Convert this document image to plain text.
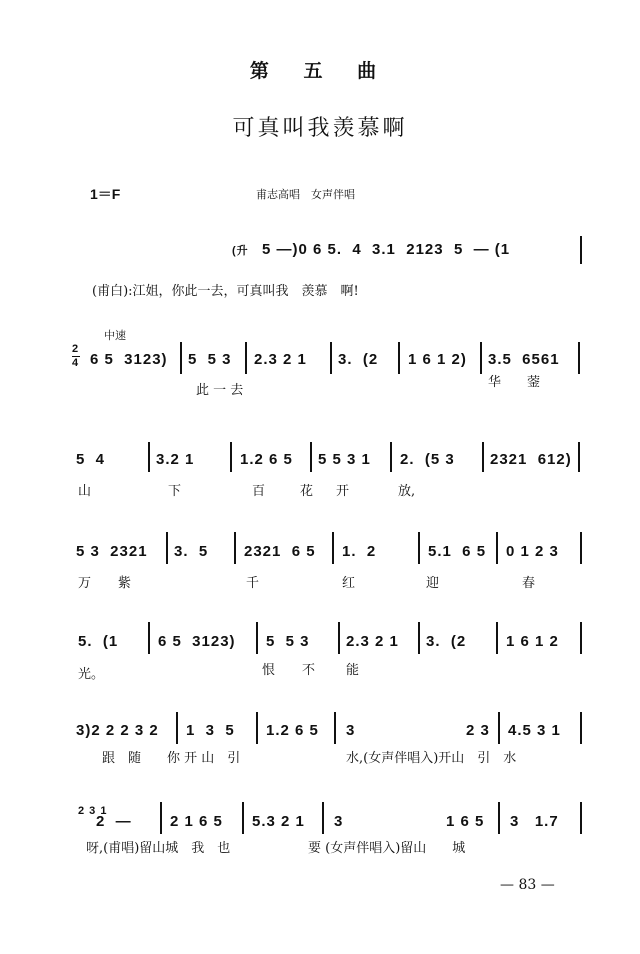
第 五 曲
可真叫我羡慕啊
1＝F	甫志高唱　女声伴唱
(升 5 —)0 6 5.  4  3.1  2123  5  — (1
(甫白):江姐，你此一去，可真叫我　羡慕　啊!
中速
2
4 6 5  3123) 5  5 3 2.3 2 1 3.  (2 1 6 1 2) 3.5  6561
此 一 去
华　　蓥
5  4	3.2 1	1.2 6 5 5 5 3 1 2.  (5 3 2321  612)
山	下	百	花 开	放,
5 3  2321 3.  5 2321  6 5 1.  2	5.1  6 5 0 1 2 3
万 紫	千	红	迎	春
5.  (1	6 5  3123) 5  5 3 2.3 2 1 3.  (2	1 6 1 2
光。	恨 不 能
3)2 2 2 3 2 1  3  5 1.2 6 5 3	2 3 4.5 3 1
跟　随　　你 开 山　引	水,(女声伴唱入)开山　引　水
2 3 1
2  —	2 1 6 5 5.3 2 1 3	1 6 5 3   1.7
呀,(甫唱)留山城　我　也	要 (女声伴唱入)留山　　城
— 83 —
